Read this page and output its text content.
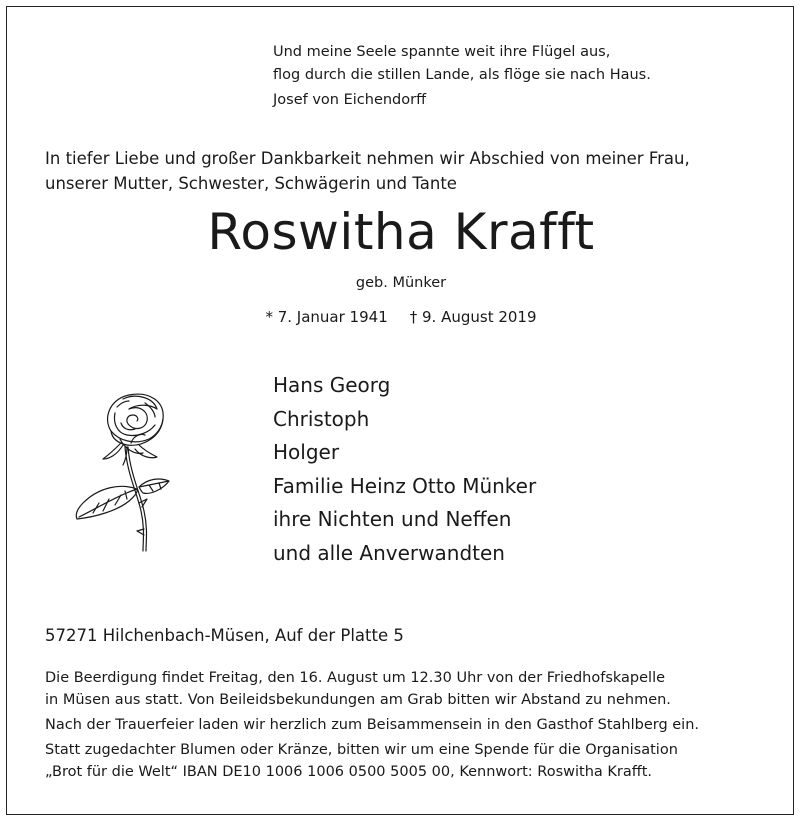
Und meine Seele spannte weit ihre Flügel aus,
flog durch die stillen Lande, als flöge sie nach Haus.
Josef von Eichendorff
In tiefer Liebe und großer Dankbarkeit nehmen wir Abschied von meiner Frau,
unserer Mutter, Schwester, Schwägerin und Tante
Roswitha Krafft
geb. Münker
* 7. Januar 1941 † 9. August 2019
Hans Georg
Christoph
Holger
Familie Heinz Otto Münker
ihre Nichten und Neffen
und alle Anverwandten
57271 Hilchenbach-Müsen, Auf der Platte 5
Die Beerdigung findet Freitag, den 16. August um 12.30 Uhr von der Friedhofskapelle
in Müsen aus statt. Von Beileidsbekundungen am Grab bitten wir Abstand zu nehmen.
Nach der Trauerfeier laden wir herzlich zum Beisammensein in den Gasthof Stahlberg ein.
Statt zugedachter Blumen oder Kränze, bitten wir um eine Spende für die Organisation
„Brot für die Welt“ IBAN DE10 1006 1006 0500 5005 00, Kennwort: Roswitha Krafft.
